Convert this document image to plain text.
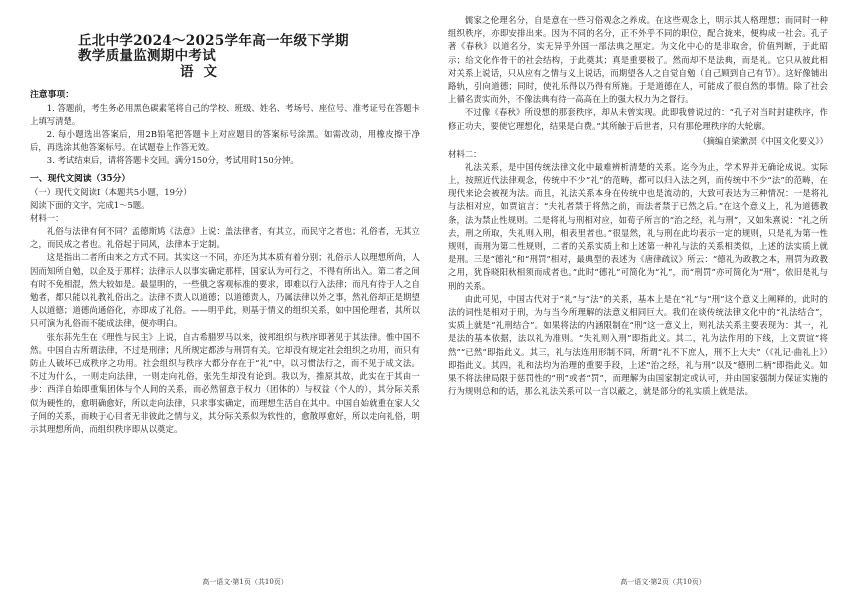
丘北中学2024～2025学年高一年级下学期
教学质量监测期中考试
语文
注意事项：

1. 答题前，考生务必用黑色碳素笔将自己的学校、班级、姓名、考场号、座位号、准考证号在答题卡上填写清楚。

2. 每小题选出答案后，用2B铅笔把答题卡上对应题目的答案标号涂黑。如需改动，用橡皮擦干净后，再选涂其他答案标号。在试题卷上作答无效。

3. 考试结束后，请将答题卡交回。满分150分，考试用时150分钟。

一、现代文阅读（35分）
（一）现代文阅读Ⅰ（本题共5小题，19分）
阅读下面的文字，完成1～5题。
材料一：

礼俗与法律有何不同？孟德斯鸠《法意》上说：盖法律者，有其立，而民守之者也；礼俗者，无其立之，而民成之者也。礼俗起于同风，法律本于定制。

这是指出二者所由来之方式不同。其实这一不同，亦还为其本质有着分别；礼俗示人以理想所尚，人因而知所自勉，以企及于那样；法律示人以事实确定那样，国家认为可行之，不得有所出入。第二者之间有时不免相混，然大较如是。最显明的，一些俄之客观标准的要求，即难以行入法律；而凡有待于人之自勉者，都只能以礼教礼俗出之。法律不责人以道德；以道德责人，乃属法律以外之事，然礼俗却正是期望人以道德；道德尚通俗化，亦即成了礼俗。——明乎此，则基于情义的组织关系，如中国伦理者，其所以只可演为礼俗而不能成法律，便亦明白。

张东荪先生在《理性与民主》上说，自古希腊罗马以来，彼邦组织与秩序即著见于其法律。惟中国不然。中国自古所谓法律，不过是刑律；凡所规定都涉与刑罚有关。它却没有规定社会组织之功用，而只有防止人破坏已成秩序之功用。社会组织与秩序大都分存在于“礼”中，以习惯法行之，而不见于成文法。不过为什么，一则走向法律，一则走向礼俗，张先生却没有论到。我以为，推原其故，此实在于其由一步：西洋自始即重集团体与个人间的关系，而必然留意于权力（团体的）与权益（个人的），其分际关系似为硬性的，愈明确愈好，所以走向法律，只求事实确定，而理想生活自在其中。中国自始就重在家人父子间的关系，而映于心目者无非彼此之情与义，其分际关系似为软性的，愈散厚愈好，所以走向礼俗，明示其理想所尚，而组织秩序即从以奠定。

高一语文·第1页（共10页）

儒家之伦理名分，自是意在一些习俗观念之养成。在这些观念上，明示其人格理想；而同时一种组织秩序，亦即安排出来。因为不同的名分，正不外乎不同的职位，配合拢来，便构成一社会。孔子著《春秋》以道名分，实无异乎外国一部法典之厘定。为文化中心的是非取舍，价值判断，于此昭示；给文化作骨干的社会结构，于此奠其；真是重要极了。然而却不是法典，而是礼。它只从彼此相对关系上说话，只从应有之情与义上说话，而期望各人之自觉自勉（自己顾到自己有节）。这好像铺出路轨，引向道德；同时，使礼乐得以乃得有所施。于是道德在人，可能成了很自然的事情。除了社会上循名责实而外，不像法典有待一高高在上的强大权力为之督行。

不过像《春秋》所设想的那套秩序，却从未曾实现。此即我曾说过的：“孔子对当时封建秩序，作修正功夫，要使它理想化，结果是白费。”其所触于后世者，只有那伦理秩序的大轮廓。

（摘编自梁漱溟《中国文化要义》）

材料二：

礼法关系，是中国传统法律文化中最难辨析清楚的关系。迄今为止，学术界并无确论成说。实际上，按照近代法律观念，传统中不少“礼”的范畴，都可以归入法之列，而传统中不少“法”的范畴，在现代来论会被视为法。而且，礼法关系本身在传统中也是流动的，大致可表达为三种情况：一是将礼与法相对应，如贾谊言：“夫礼者禁于将然之前，而法者禁于已然之后。”在这个意义上，礼为道德教条，法为禁止性规则。二是将礼与刑相对应，如荀子所言的“治之经，礼与刑”，又如朱熹说：“礼之所去，刑之所取，失礼则入刑，相表里者也。”很显然，礼与刑在此均表示一定的规则，只是礼为第一性规则，而刑为第二性规则，二者的关系实质上和上述第一种礼与法的关系相类似，上述的法实质上就是刑。三是“德礼”和“刑罚”相对，最典型的表述为《唐律疏议》所云：“德礼为政教之本，刑罚为政教之用，犹昏晓阳秋相须而成者也。”此时“德礼”可简化为“礼”，而“刑罚”亦可简化为“刑”，依旧是礼与刑的关系。

由此可见，中国古代对于“礼”与“法”的关系，基本上是在“礼”与“刑”这个意义上阐释的，此时的法的词性是相对于刑，为与当今所理解的法意义相同巨大。我们在谈传统法律文化中的“礼法结合”，实质上就是“礼刑结合”。如果将法的内涵限制在“刑”这一意义上，则礼法关系主要表现为：其一，礼是法的基本依据，法以礼为准则。“失礼则入刑”即指此义。其二，礼为法作用的下线，上文贾谊“将然”“已然”即指此义。其三，礼与法连用形制不同，所谓“礼不下庶人，刑不上大夫”（《礼记·曲礼上》）即指此义。其四，礼和法均为治理的重要手段，上述“治之经，礼与刑”以及“德刑二柄”即指此义。如果不将法律局限于惩罚性的“刑”或者“罚”，而理解为由国家制定或认可，并由国家强制力保证实施的行为规则总和的话，那么礼法关系可以一言以蔽之，就是部分的礼实质上就是法。

高一语文·第2页（共10页）
